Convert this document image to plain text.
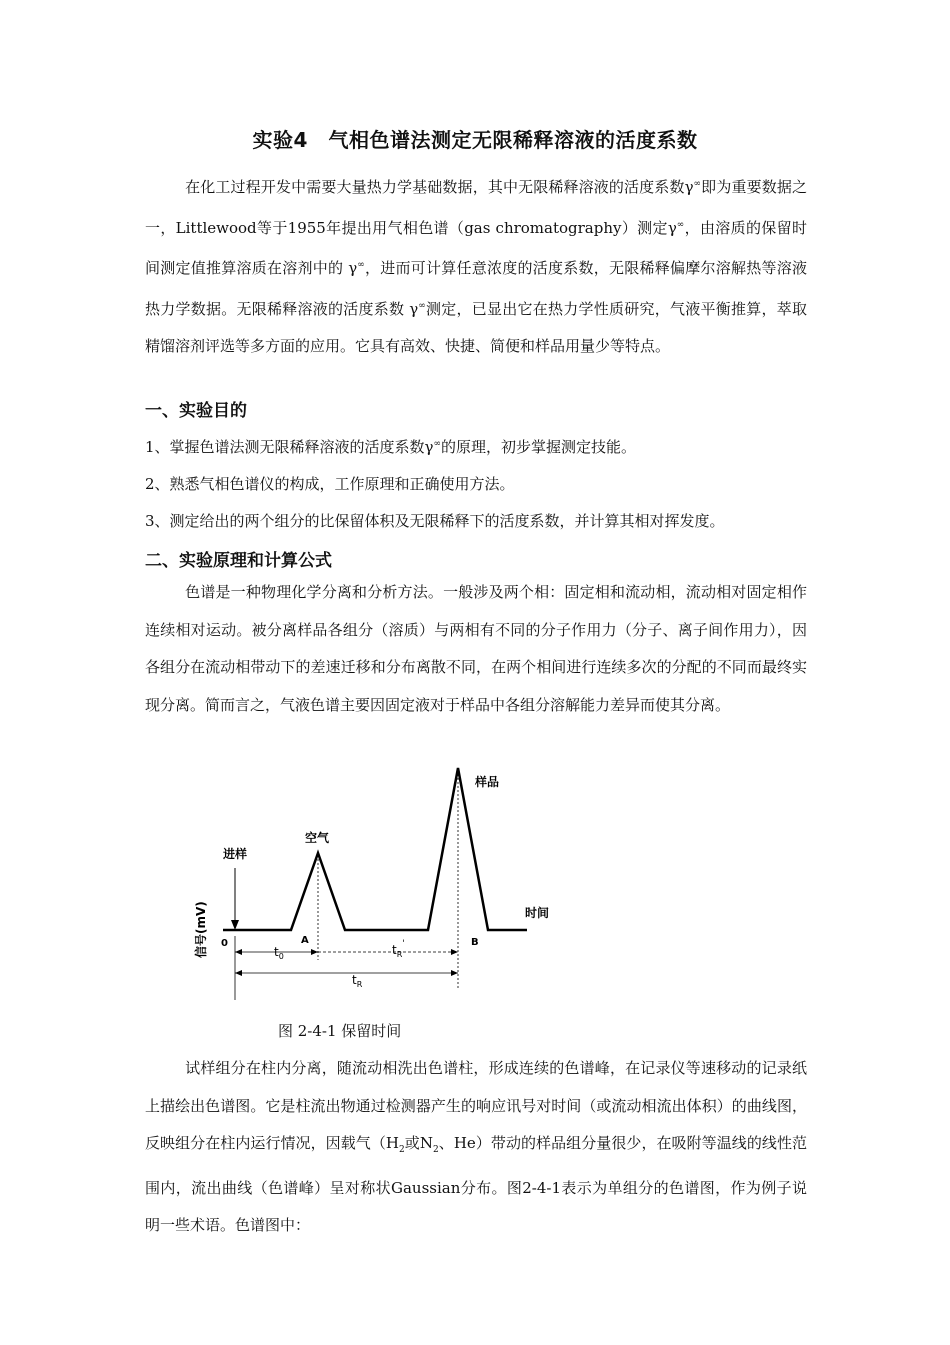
实验4　气相色谱法测定无限稀释溶液的活度系数
在化工过程开发中需要大量热力学基础数据，其中无限稀释溶液的活度系数γ∞即为重要数据之一，Littlewood等于1955年提出用气相色谱（gas chromatography）测定γ∞，由溶质的保留时间测定值推算溶质在溶剂中的 γ∞，进而可计算任意浓度的活度系数，无限稀释偏摩尔溶解热等溶液热力学数据。无限稀释溶液的活度系数 γ∞测定，已显出它在热力学性质研究，气液平衡推算，萃取精馏溶剂评选等多方面的应用。它具有高效、快捷、简便和样品用量少等特点。
一、实验目的
1、掌握色谱法测无限稀释溶液的活度系数γ∞的原理，初步掌握测定技能。
2、熟悉气相色谱仪的构成，工作原理和正确使用方法。
3、测定给出的两个组分的比保留体积及无限稀释下的活度系数，并计算其相对挥发度。
二、实验原理和计算公式
色谱是一种物理化学分离和分析方法。一般涉及两个相：固定相和流动相，流动相对固定相作连续相对运动。被分离样品各组分（溶质）与两相有不同的分子作用力（分子、离子间作用力），因各组分在流动相带动下的差速迁移和分布离散不同，在两个相间进行连续多次的分配的不同而最终实现分离。简而言之，气液色谱主要因固定液对于样品中各组分溶解能力差异而使其分离。
样品
空气
进样
时间
信号(mV) 0	A	B
$t_0$	$t_R'$
$t_R$
图 2-4-1 保留时间
试样组分在柱内分离，随流动相洗出色谱柱，形成连续的色谱峰，在记录仪等速移动的记录纸上描绘出色谱图。它是柱流出物通过检测器产生的响应讯号对时间（或流动相流出体积）的曲线图，反映组分在柱内运行情况，因载气（$H_2$或$N_2$、He）带动的样品组分量很少，在吸附等温线的线性范围内，流出曲线（色谱峰）呈对称状Gaussian分布。图2-4-1表示为单组分的色谱图，作为例子说明一些术语。色谱图中：
